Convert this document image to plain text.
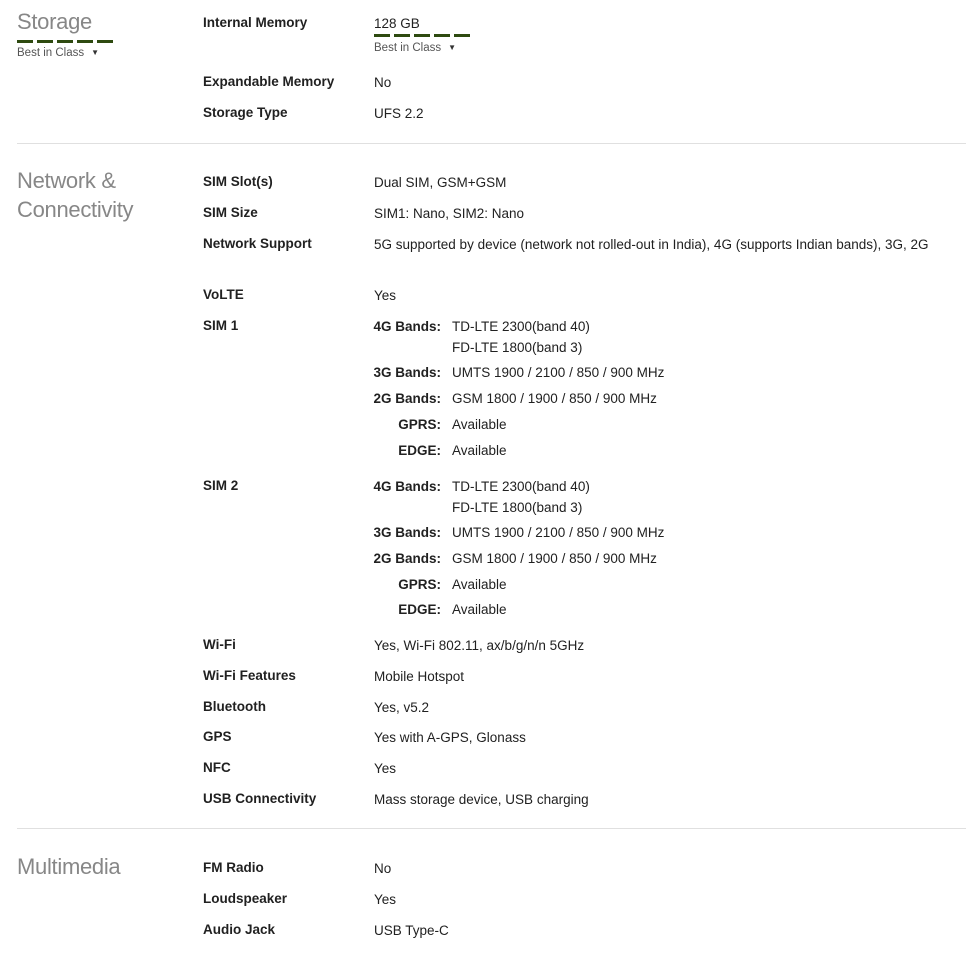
Storage
Best in Class ▼
Internal Memory	128 GB
Best in Class ▼
Expandable Memory	No
Storage Type	UFS 2.2
Network &
Connectivity
SIM Slot(s)	Dual SIM, GSM+GSM
SIM Size	SIM1: Nano, SIM2: Nano
Network Support	5G supported by device (network not rolled-out in India), 4G (supports Indian bands), 3G, 2G
VoLTE	Yes
SIM 1	4G Bands: TD-LTE 2300(band 40)
FD-LTE 1800(band 3)
3G Bands: UMTS 1900 / 2100 / 850 / 900 MHz
2G Bands: GSM 1800 / 1900 / 850 / 900 MHz
GPRS: Available
EDGE: Available
SIM 2	4G Bands: TD-LTE 2300(band 40)
FD-LTE 1800(band 3)
3G Bands: UMTS 1900 / 2100 / 850 / 900 MHz
2G Bands: GSM 1800 / 1900 / 850 / 900 MHz
GPRS: Available
EDGE: Available
Wi-Fi	Yes, Wi-Fi 802.11, ax/b/g/n/n 5GHz
Wi-Fi Features	Mobile Hotspot
Bluetooth	Yes, v5.2
GPS	Yes with A-GPS, Glonass
NFC	Yes
USB Connectivity	Mass storage device, USB charging
Multimedia	FM Radio	No
Loudspeaker	Yes
Audio Jack	USB Type-C
